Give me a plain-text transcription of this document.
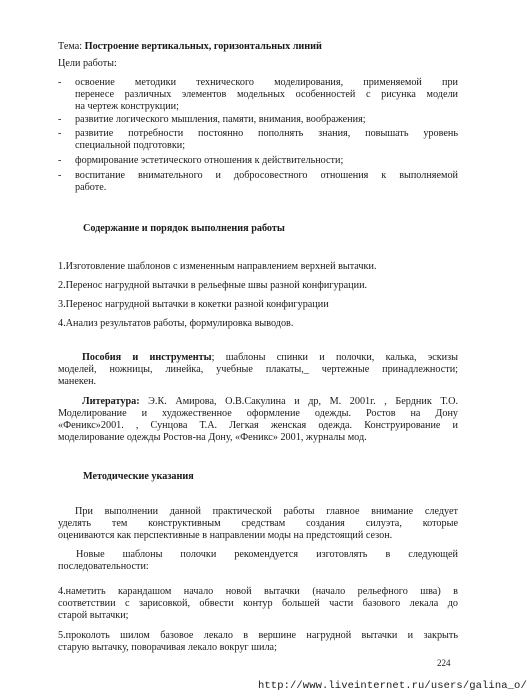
Тема: Построение вертикальных, горизонтальных линий
Цели работы:
- освоение методики технического моделирования, применяемой при
перенесе различных элементов модельных особенностей с рисунка модели
на чертеж конструкции;
- развитие логического мышления, памяти, внимания, воображения;
- развитие потребности постоянно пополнять знания, повышать уровень
специальной подготовки;
- формирование эстетического отношения к действительности;
- воспитание внимательного и добросовестного отношения к выполняемой
работе.
Содержание и порядок выполнения работы
1.Изготовление шаблонов с измененным направлением верхней вытачки.
2.Перенос нагрудной вытачки в рельефные швы разной конфигурации.
3.Перенос нагрудной вытачки в кокетки разной конфигурации
4.Анализ результатов работы, формулировка выводов.
Пособия и инструменты; шаблоны спинки и полочки, калька, эскизы
моделей, ножницы, линейка, учебные плакаты,_ чертежные принадлежности;
манекен.
Литература: Э.К. Амирова, О.В.Сакулина и др, М. 2001г. , Бердник Т.О.
Моделирование и художественное оформление одежды. Ростов на Дону
«Феникс»2001. , Сунцова Т.А. Легкая женская одежда. Конструирование и
моделирование одежды Ростов-на Дону, «Феникс» 2001, журналы мод.
Методические указания
При выполнении данной практической работы главное внимание следует
уделять тем конструктивным средствам создания силуэта, которые
оцениваются как перспективные в направлении моды на предстоящий сезон.
Новые шаблоны полочки рекомендуется изготовлять в следующей
последовательности:
4.наметить карандашом начало новой вытачки (начало рельефного шва) в
соответствии с зарисовкой, обвести контур большей части базового лекала до
старой вытачки;
5.проколоть шилом базовое лекало в вершине нагрудной вытачки и закрыть
старую вытачку, поворачивая лекало вокруг шила;
224
http://www.liveinternet.ru/users/galina_o/
